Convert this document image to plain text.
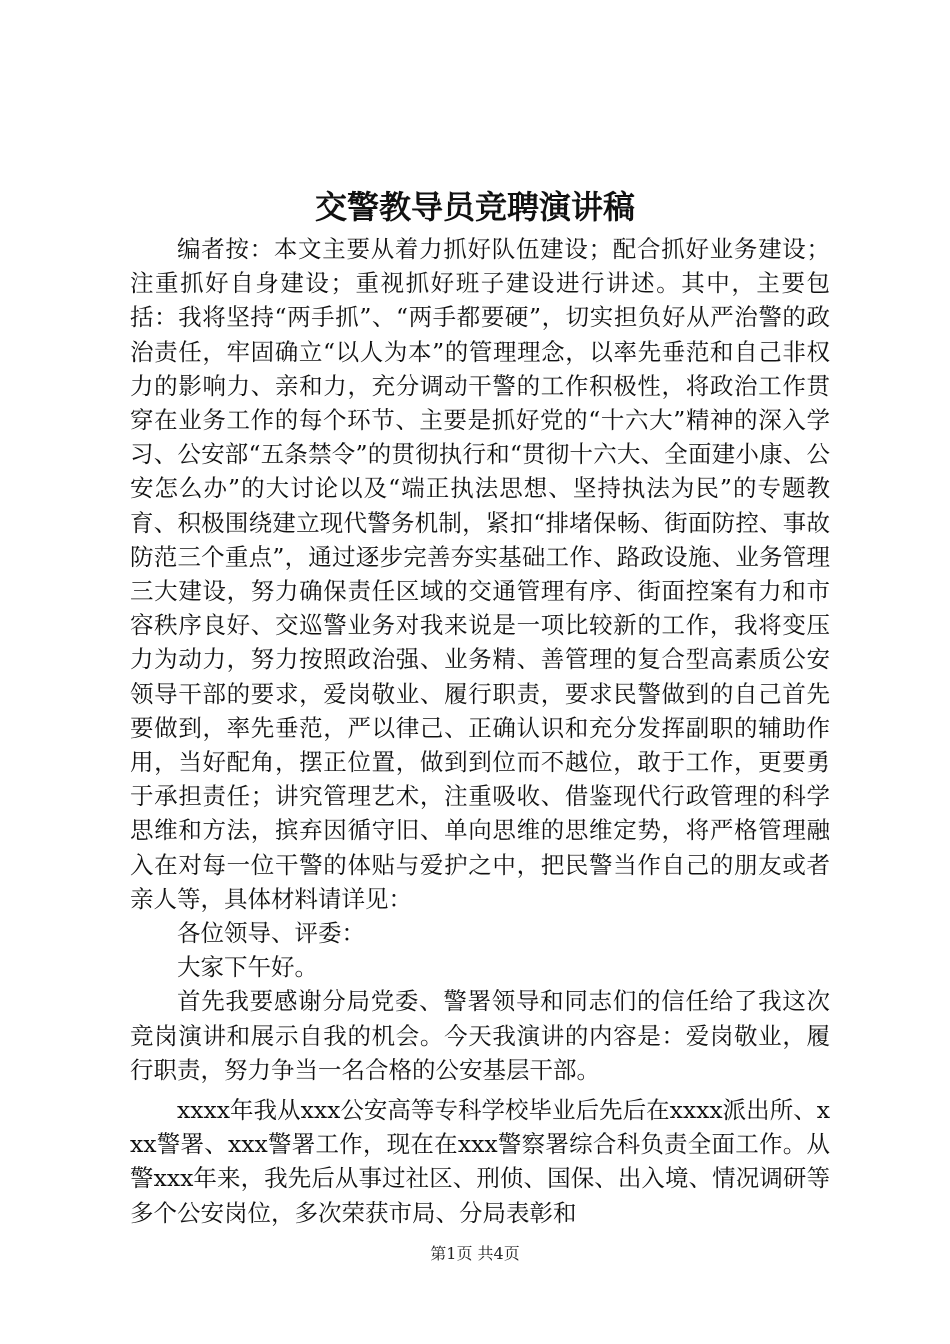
交警教导员竞聘演讲稿

编者按：本文主要从着力抓好队伍建设；配合抓好业务建设；注重抓好自身建设；重视抓好班子建设进行讲述。其中，主要包括：我将坚持“两手抓”、“两手都要硬”，切实担负好从严治警的政治责任，牢固确立“以人为本”的管理理念，以率先垂范和自己非权力的影响力、亲和力，充分调动干警的工作积极性，将政治工作贯穿在业务工作的每个环节、主要是抓好党的“十六大”精神的深入学习、公安部“五条禁令”的贯彻执行和“贯彻十六大、全面建小康、公安怎么办”的大讨论以及“端正执法思想、坚持执法为民”的专题教育、积极围绕建立现代警务机制，紧扣“排堵保畅、街面防控、事故防范三个重点”，通过逐步完善夯实基础工作、路政设施、业务管理三大建设，努力确保责任区域的交通管理有序、街面控案有力和市容秩序良好、交巡警业务对我来说是一项比较新的工作，我将变压力为动力，努力按照政治强、业务精、善管理的复合型高素质公安领导干部的要求，爱岗敬业、履行职责，要求民警做到的自己首先要做到，率先垂范，严以律己、正确认识和充分发挥副职的辅助作用，当好配角，摆正位置，做到到位而不越位，敢于工作，更要勇于承担责任；讲究管理艺术，注重吸收、借鉴现代行政管理的科学思维和方法，摈弃因循守旧、单向思维的思维定势，将严格管理融入在对每一位干警的体贴与爱护之中，把民警当作自己的朋友或者亲人等，具体材料请详见：

各位领导、评委：

大家下午好。

首先我要感谢分局党委、警署领导和同志们的信任给了我这次竞岗演讲和展示自我的机会。今天我演讲的内容是：爱岗敬业，履行职责，努力争当一名合格的公安基层干部。

xxxx年我从xxx公安高等专科学校毕业后先后在xxxx派出所、xxx警署、xxx警署工作，现在在xxx警察署综合科负责全面工作。从警xxx年来，我先后从事过社区、刑侦、国保、出入境、情况调研等多个公安岗位，多次荣获市局、分局表彰和

第1页 共4页
